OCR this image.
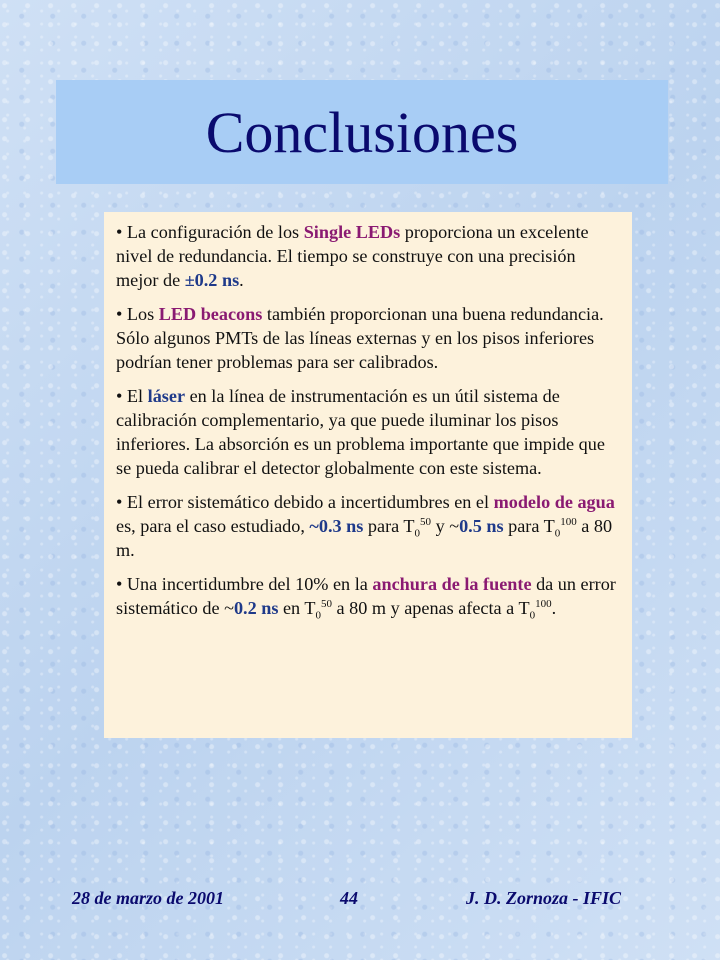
Conclusiones

• La configuración de los Single LEDs proporciona un excelente nivel de redundancia. El tiempo se construye con una precisión mejor de ±0.2 ns.

• Los LED beacons también proporcionan una buena redundancia. Sólo algunos PMTs de las líneas externas y en los pisos inferiores podrían tener problemas para ser calibrados.

• El láser en la línea de instrumentación es un útil sistema de calibración complementario, ya que puede iluminar los pisos inferiores. La absorción es un problema importante que impide que se pueda calibrar el detector globalmente con este sistema.

• El error sistemático debido a incertidumbres en el modelo de agua es, para el caso estudiado, ~0.3 ns para $T_0^{50}$ y ~0.5 ns para $T_0^{100}$ a 80 m.

• Una incertidumbre del 10% en la anchura de la fuente da un error sistemático de ~0.2 ns en $T_0^{50}$ a 80 m y apenas afecta a $T_0^{100}$.

28 de marzo de 2001	44	J. D. Zornoza - IFIC
